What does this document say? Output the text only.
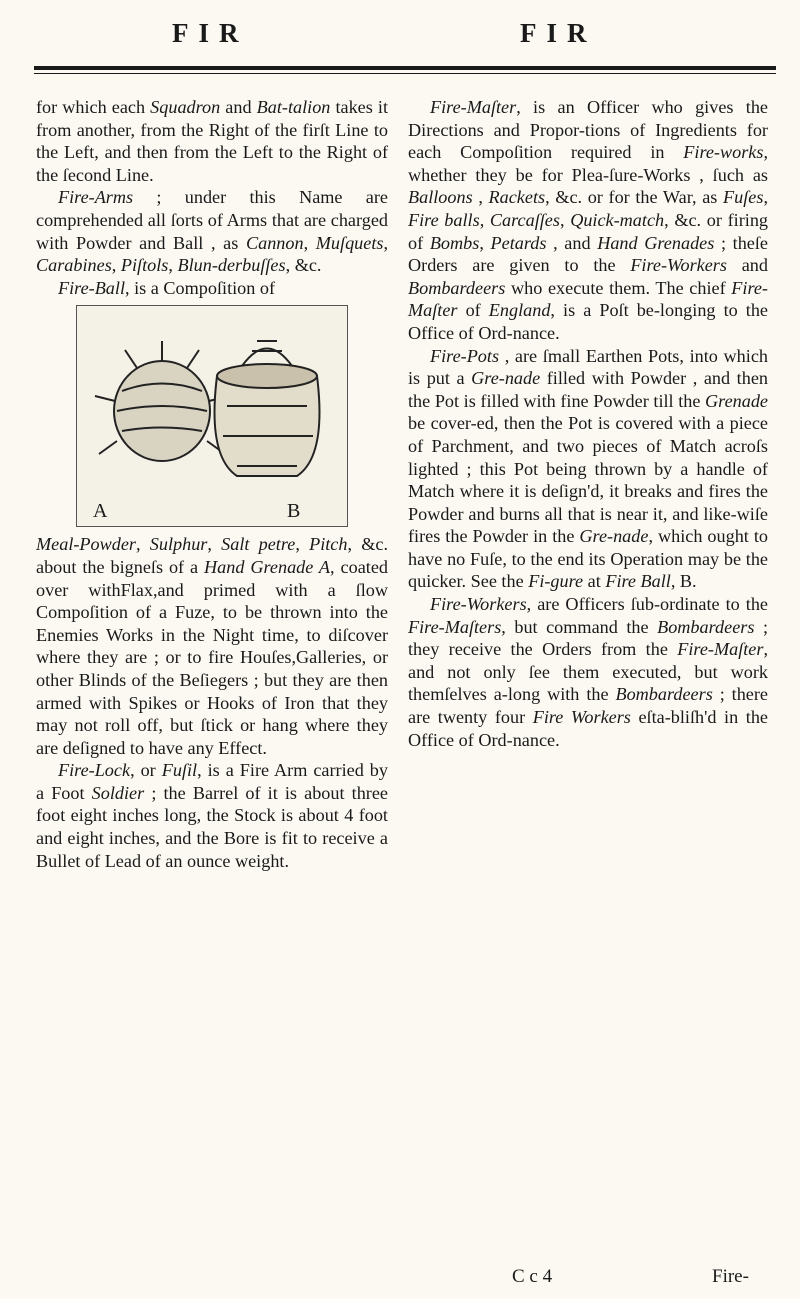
FIR	FIR

for which each Squadron and Bat-talion takes it from another, from the Right of the firſt Line to the Left, and then from the Left to the Right of the ſecond Line.

Fire-Arms ; under this Name are comprehended all ſorts of Arms that are charged with Powder and Ball , as Cannon, Muſquets, Carabines, Piſtols, Blun-derbuſſes, &c.

Fire-Ball, is a Compoſition of

A	B

Meal-Powder, Sulphur, Salt petre, Pitch, &c. about the bigneſs of a Hand Grenade A, coated over withFlax,and primed with a ſlow Compoſition of a Fuze, to be thrown into the Enemies Works in the Night time, to diſcover where they are ; or to fire Houſes,Galleries, or other Blinds of the Beſiegers ; but they are then armed with Spikes or Hooks of Iron that they may not roll off, but ſtick or hang where they are deſigned to have any Effect.

Fire-Lock, or Fuſil, is a Fire Arm carried by a Foot Soldier ; the Barrel of it is about three foot eight inches long, the Stock is about 4 foot and eight inches, and the Bore is fit to receive a Bullet of Lead of an ounce weight.

Fire-Maſter, is an Officer who gives the Directions and Propor-tions of Ingredients for each Compoſition required in Fire-works, whether they be for Plea-ſure-Works , ſuch as Balloons , Rackets, &c. or for the War, as Fuſes, Fire balls, Carcaſſes, Quick-match, &c. or firing of Bombs, Petards , and Hand Grenades ; theſe Orders are given to the Fire-Workers and Bombardeers who execute them. The chief Fire-Maſter of England, is a Poſt be-longing to the Office of Ord-nance.

Fire-Pots , are ſmall Earthen Pots, into which is put a Gre-nade filled with Powder , and then the Pot is filled with fine Powder till the Grenade be cover-ed, then the Pot is covered with a piece of Parchment, and two pieces of Match acroſs lighted ; this Pot being thrown by a handle of Match where it is deſign'd, it breaks and fires the Powder and burns all that is near it, and like-wiſe fires the Powder in the Gre-nade, which ought to have no Fuſe, to the end its Operation may be the quicker. See the Fi-gure at Fire Ball, B.

Fire-Workers, are Officers ſub-ordinate to the Fire-Maſters, but command the Bombardeers ; they receive the Orders from the Fire-Maſter, and not only ſee them executed, but work themſelves a-long with the Bombardeers ; there are twenty four Fire Workers eſta-bliſh'd in the Office of Ord-nance.

C c 4	Fire-
